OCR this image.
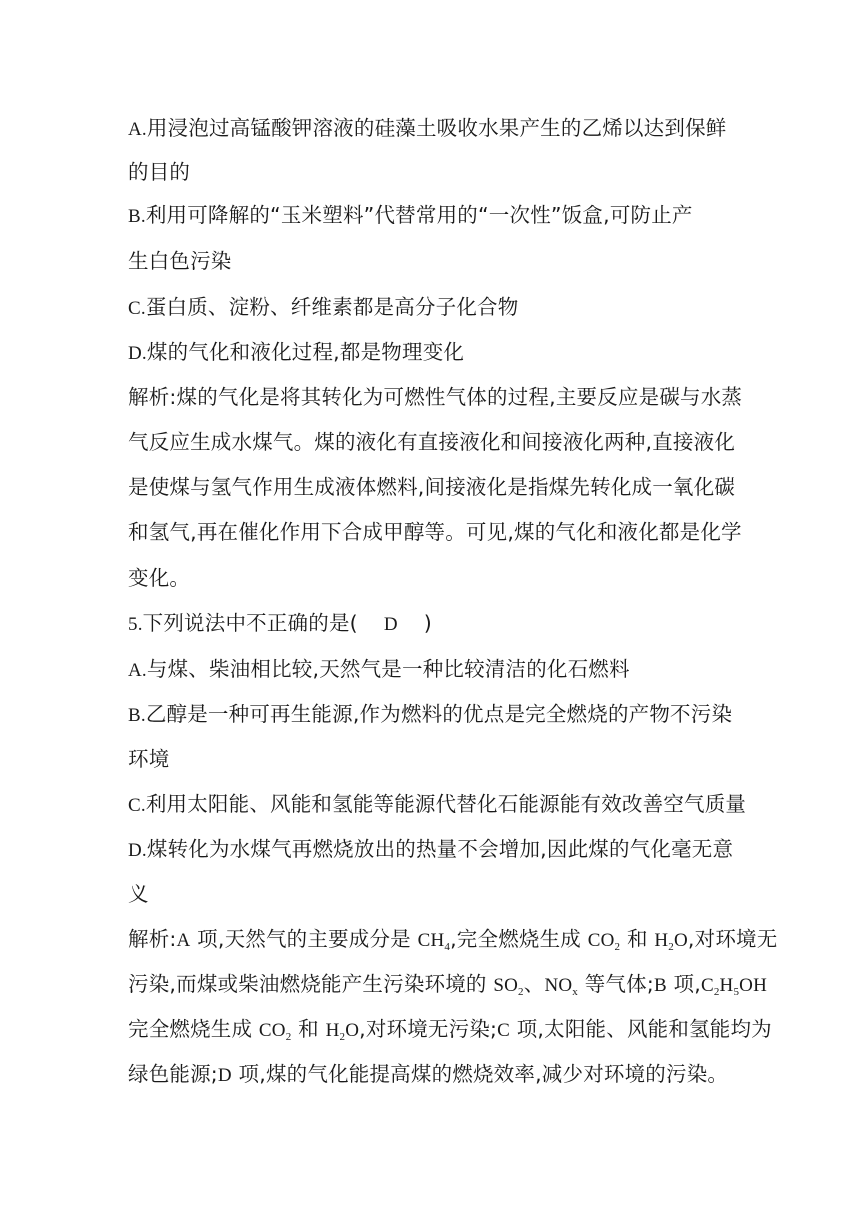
A.用浸泡过高锰酸钾溶液的硅藻土吸收水果产生的乙烯以达到保鲜
的目的
B.利用可降解的“玉米塑料”代替常用的“一次性”饭盒,可防止产
生白色污染
C.蛋白质、淀粉、纤维素都是高分子化合物
D.煤的气化和液化过程,都是物理变化
解析:煤的气化是将其转化为可燃性气体的过程,主要反应是碳与水蒸
气反应生成水煤气。煤的液化有直接液化和间接液化两种,直接液化
是使煤与氢气作用生成液体燃料,间接液化是指煤先转化成一氧化碳
和氢气,再在催化作用下合成甲醇等。可见,煤的气化和液化都是化学
变化。
5.下列说法中不正确的是( D )
A.与煤、柴油相比较,天然气是一种比较清洁的化石燃料
B.乙醇是一种可再生能源,作为燃料的优点是完全燃烧的产物不污染
环境
C.利用太阳能、风能和氢能等能源代替化石能源能有效改善空气质量
D.煤转化为水煤气再燃烧放出的热量不会增加,因此煤的气化毫无意
义
解析:A 项,天然气的主要成分是 CH4,完全燃烧生成 CO2 和 H2O,对环境无
污染,而煤或柴油燃烧能产生污染环境的 SO2、NOx 等气体;B 项,C2H5OH
完全燃烧生成 CO2 和 H2O,对环境无污染;C 项,太阳能、风能和氢能均为
绿色能源;D 项,煤的气化能提高煤的燃烧效率,减少对环境的污染。
